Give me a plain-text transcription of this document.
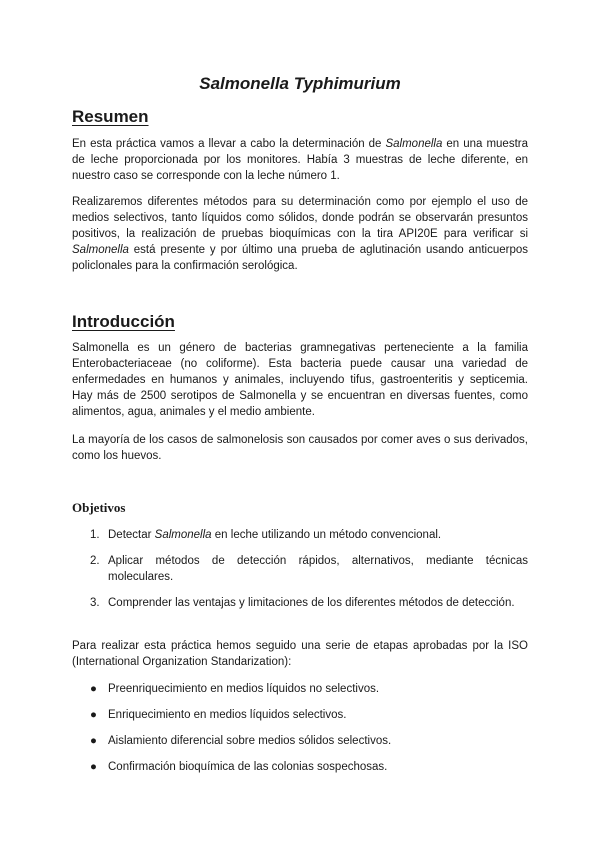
Salmonella Typhimurium
Resumen

En esta práctica vamos a llevar a cabo la determinación de Salmonella en una muestra de leche proporcionada por los monitores. Había 3 muestras de leche diferente, en nuestro caso se corresponde con la leche número 1.

Realizaremos diferentes métodos para su determinación como por ejemplo el uso de medios selectivos, tanto líquidos como sólidos, donde podrán se observarán presuntos positivos, la realización de pruebas bioquímicas con la tira API20E para verificar si Salmonella está presente y por último una prueba de aglutinación usando anticuerpos policlonales para la confirmación serológica.

Introducción

Salmonella es un género de bacterias gramnegativas perteneciente a la familia Enterobacteriaceae (no coliforme). Esta bacteria puede causar una variedad de enfermedades en humanos y animales, incluyendo tifus, gastroenteritis y septicemia. Hay más de 2500 serotipos de Salmonella y se encuentran en diversas fuentes, como alimentos, agua, animales y el medio ambiente.

La mayoría de los casos de salmonelosis son causados por comer aves o sus derivados, como los huevos.

Objetivos
1. Detectar Salmonella en leche utilizando un método convencional.
2. Aplicar métodos de detección rápidos, alternativos, mediante técnicas moleculares.
3. Comprender las ventajas y limitaciones de los diferentes métodos de detección.

Para realizar esta práctica hemos seguido una serie de etapas aprobadas por la ISO (International Organization Standarization):

● Preenriquecimiento en medios líquidos no selectivos.
● Enriquecimiento en medios líquidos selectivos.
● Aislamiento diferencial sobre medios sólidos selectivos.
● Confirmación bioquímica de las colonias sospechosas.
